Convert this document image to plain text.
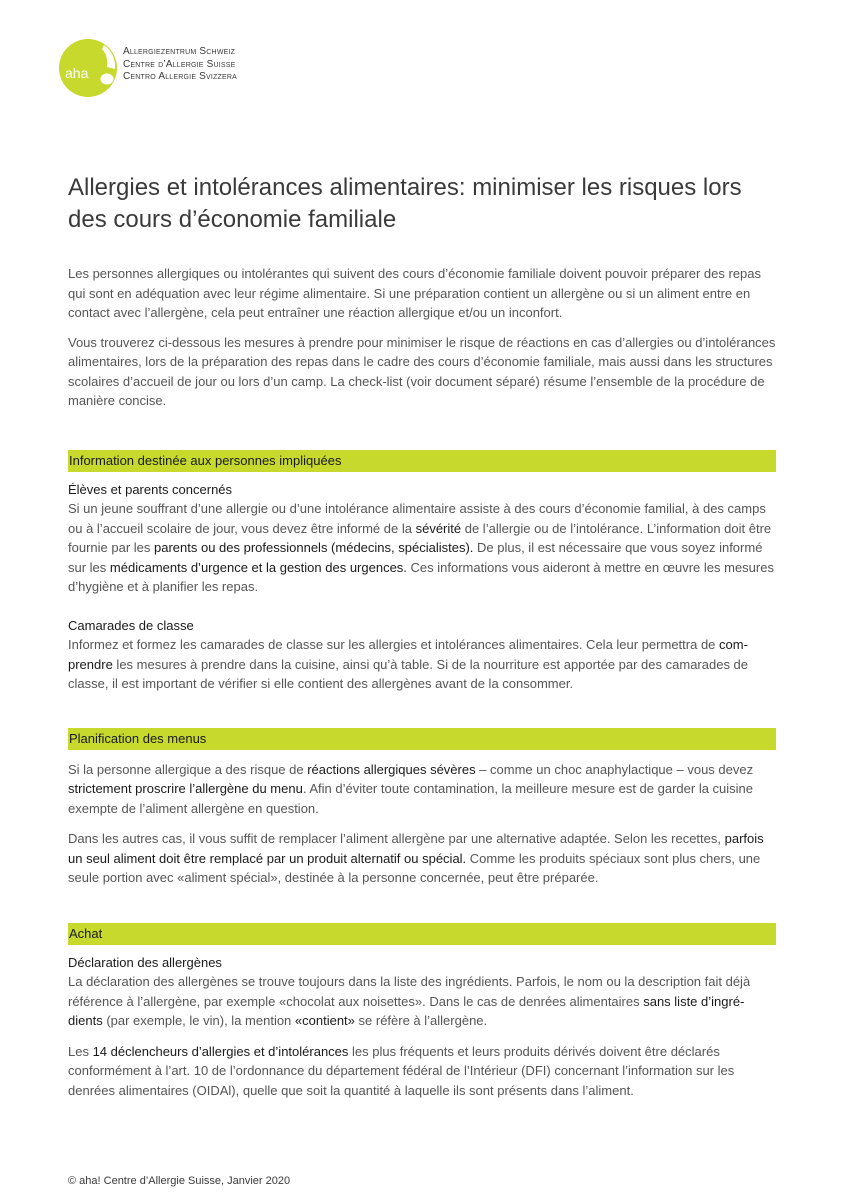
aha
Allergiezentrum Schweiz
Centre d’Allergie Suisse
Centro Allergie Svizzera
Allergies et intolérances alimentaires: minimiser les risques lors des cours d’économie familiale

Les personnes allergiques ou intolérantes qui suivent des cours d’économie familiale doivent pouvoir préparer des repas qui sont en adéquation avec leur régime alimentaire. Si une préparation contient un allergène ou si un aliment entre en contact avec l’allergène, cela peut entraîner une réaction allergique et/ou un inconfort.

Vous trouverez ci-dessous les mesures à prendre pour minimiser le risque de réactions en cas d’allergies ou d’intolérances alimentaires, lors de la préparation des repas dans le cadre des cours d’économie familiale, mais aussi dans les structures scolaires d’accueil de jour ou lors d’un camp. La check-list (voir document séparé) résume l’ensemble de la procédure de manière concise.

Information destinée aux personnes impliquées
Élèves et parents concernés

Si un jeune souffrant d’une allergie ou d’une intolérance alimentaire assiste à des cours d’économie familial, à des camps ou à l’accueil scolaire de jour, vous devez être informé de la sévérité de l’allergie ou de l’intolérance. L’information doit être fournie par les parents ou des professionnels (médecins, spécialistes). De plus, il est nécessaire que vous soyez informé sur les médicaments d’urgence et la gestion des urgences. Ces informations vous aideront à mettre en œuvre les mesures d’hygiène et à planifier les repas.

Camarades de classe

Informez et formez les camarades de classe sur les allergies et intolérances alimentaires. Cela leur permettra de com-prendre les mesures à prendre dans la cuisine, ainsi qu’à table. Si de la nourriture est apportée par des camarades de classe, il est important de vérifier si elle contient des allergènes avant de la consommer.

Planification des menus

Si la personne allergique a des risque de réactions allergiques sévères – comme un choc anaphylactique – vous devez strictement proscrire l’allergène du menu. Afin d’éviter toute contamination, la meilleure mesure est de garder la cuisine exempte de l’aliment allergène en question.

Dans les autres cas, il vous suffit de remplacer l’aliment allergène par une alternative adaptée. Selon les recettes, parfois un seul aliment doit être remplacé par un produit alternatif ou spécial. Comme les produits spéciaux sont plus chers, une seule portion avec «aliment spécial», destinée à la personne concernée, peut être préparée.

Achat
Déclaration des allergènes

La déclaration des allergènes se trouve toujours dans la liste des ingrédients. Parfois, le nom ou la description fait déjà référence à l’allergène, par exemple «chocolat aux noisettes». Dans le cas de denrées alimentaires sans liste d’ingré-dients (par exemple, le vin), la mention «contient» se réfère à l’allergène.

Les 14 déclencheurs d’allergies et d’intolérances les plus fréquents et leurs produits dérivés doivent être déclarés conformément à l’art. 10 de l’ordonnance du département fédéral de l’Intérieur (DFI) concernant l’information sur les denrées alimentaires (OIDAl), quelle que soit la quantité à laquelle ils sont présents dans l’aliment.

© aha! Centre d’Allergie Suisse, Janvier 2020
